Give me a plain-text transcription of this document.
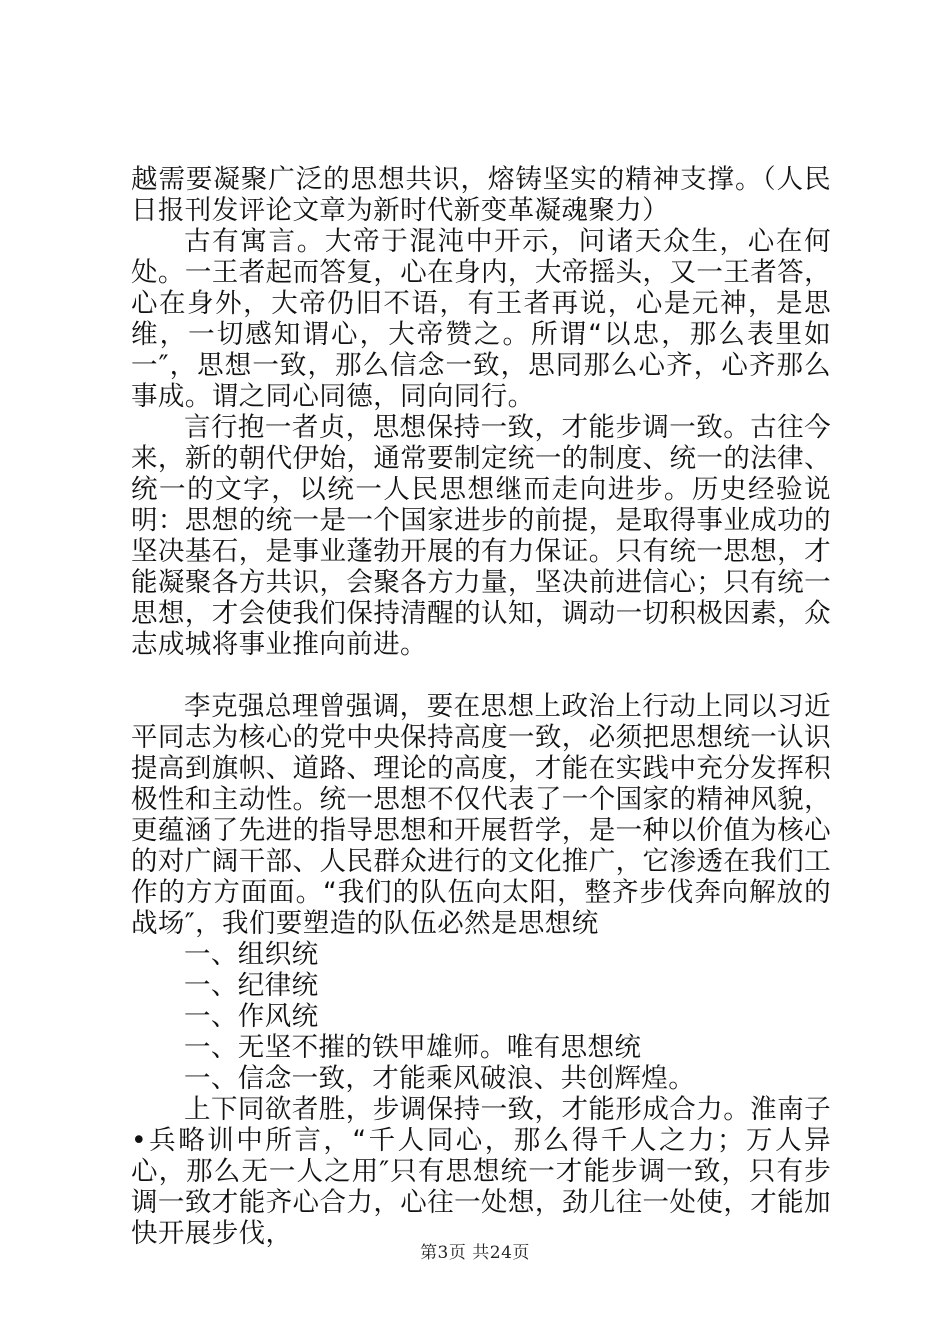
越需要凝聚广泛的思想共识，熔铸坚实的精神支撑。（人民日报刊发评论文章为新时代新变革凝魂聚力）

古有寓言。大帝于混沌中开示，问诸天众生，心在何处。一王者起而答复，心在身内，大帝摇头，又一王者答，心在身外，大帝仍旧不语，有王者再说，心是元神，是思维，一切感知谓心，大帝赞之。所谓“以忠，那么表里如一″，思想一致，那么信念一致，思同那么心齐，心齐那么事成。谓之同心同德，同向同行。

言行抱一者贞，思想保持一致，才能步调一致。古往今来，新的朝代伊始，通常要制定统一的制度、统一的法律、统一的文字，以统一人民思想继而走向进步。历史经验说明：思想的统一是一个国家进步的前提，是取得事业成功的坚决基石，是事业蓬勃开展的有力保证。只有统一思想，才能凝聚各方共识，会聚各方力量，坚决前进信心；只有统一思想，才会使我们保持清醒的认知，调动一切积极因素，众志成城将事业推向前进。

李克强总理曾强调，要在思想上政治上行动上同以习近平同志为核心的党中央保持高度一致，必须把思想统一认识提高到旗帜、道路、理论的高度，才能在实践中充分发挥积极性和主动性。统一思想不仅代表了一个国家的精神风貌，更蕴涵了先进的指导思想和开展哲学，是一种以价值为核心的对广阔干部、人民群众进行的文化推广，它渗透在我们工作的方方面面。“我们的队伍向太阳，整齐步伐奔向解放的战场″，我们要塑造的队伍必然是思想统

一、组织统

一、纪律统

一、作风统

一、无坚不摧的铁甲雄师。唯有思想统

一、信念一致，才能乘风破浪、共创辉煌。

上下同欲者胜，步调保持一致，才能形成合力。淮南子•兵略训中所言，“千人同心，那么得千人之力；万人异心，那么无一人之用″只有思想统一才能步调一致，只有步调一致才能齐心合力，心往一处想，劲儿往一处使，才能加快开展步伐，

第3页 共24页
